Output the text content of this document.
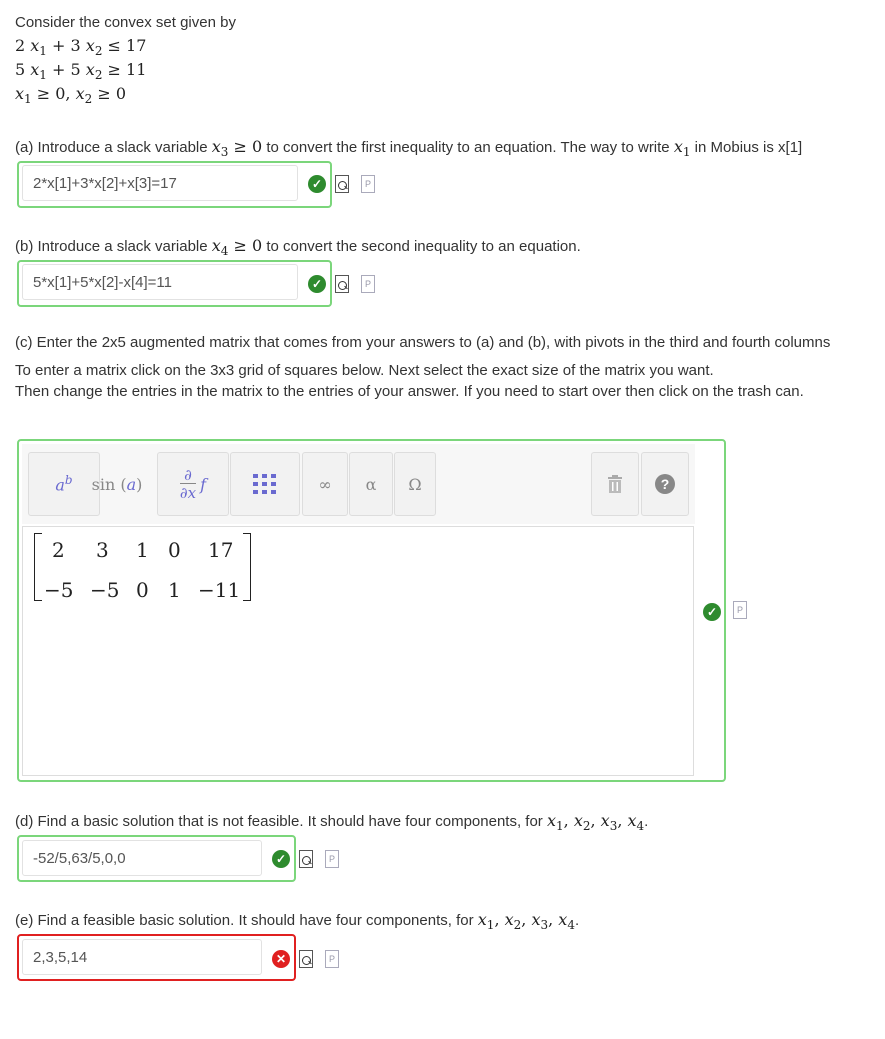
Consider the convex set given by
2 $x_1 + 3$ $x_2 \le 17$
5 $x_1 + 5$ $x_2 \ge 11$
$x_1 \ge 0$, $x_2 \ge 0$
(a) Introduce a slack variable $x_3 \ge 0$ to convert the first inequality to an equation. The way to write $x_1$ in Mobius is x[1]
2*x[1]+3*x[2]+x[3]=17	✓	P
(b) Introduce a slack variable $x_4 \ge 0$ to convert the second inequality to an equation.
5*x[1]+5*x[2]-x[4]=11	✓	P
(c) Enter the 2x5 augmented matrix that comes from your answers to (a) and (b), with pivots in the third and fourth columns
To enter a matrix click on the 3x3 grid of squares below. Next select the exact size of the matrix you want.
Then change the entries in the matrix to the entries of your answer. If you need to start over then click on the trash can.
$a^b$ sin (a)	∂
∂x f	∞	α	Ω	?
2 3 1 0 17
−5 −5 0 1 −11
✓	P
(d) Find a basic solution that is not feasible. It should have four components, for $x_1$, $x_2$, $x_3$, $x_4$.
-52/5,63/5,0,0	✓	P
(e) Find a feasible basic solution. It should have four components, for $x_1$, $x_2$, $x_3$, $x_4$.
2,3,5,14	✕	P
